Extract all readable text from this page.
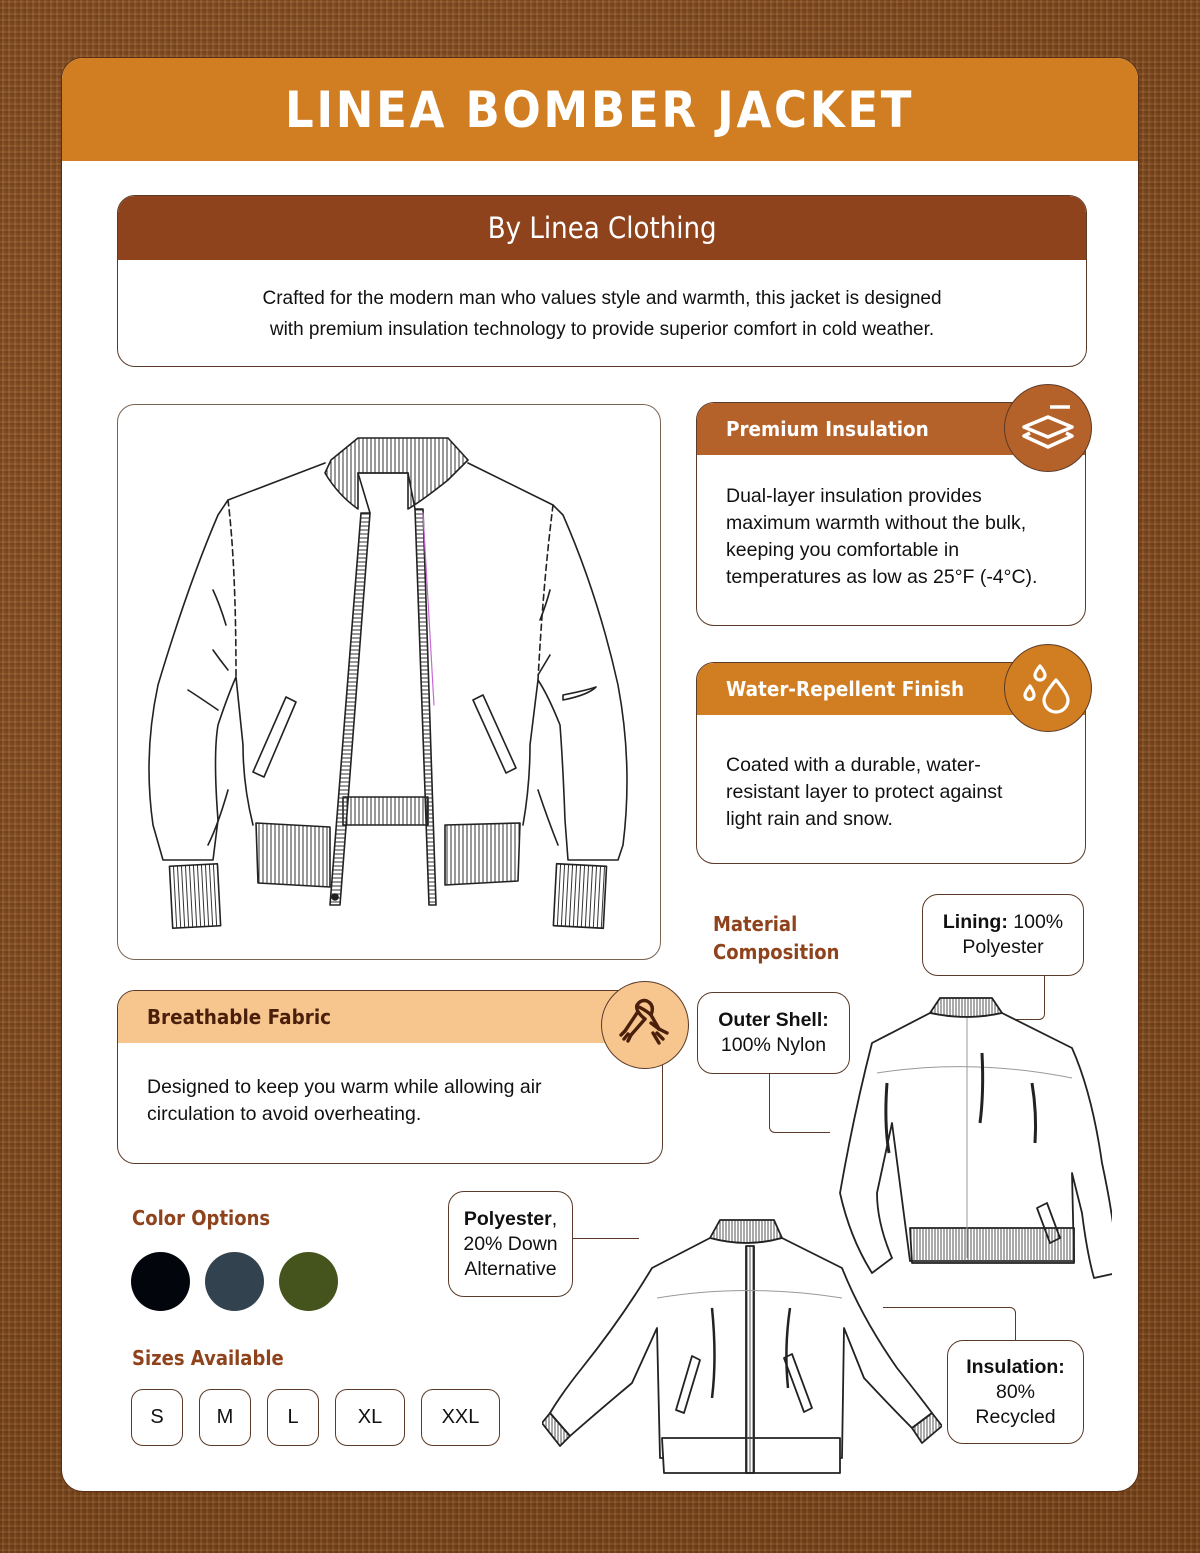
LINEA BOMBER JACKET
By Linea Clothing
Crafted for the modern man who values style and warmth, this jacket is designed
with premium insulation technology to provide superior comfort in cold weather.
Premium Insulation
Dual-layer insulation provides
maximum warmth without the bulk,
keeping you comfortable in
temperatures as low as 25°F (-4°C).
Water-Repellent Finish
Coated with a durable, water-
resistant layer to protect against
light rain and snow.
Breathable Fabric
Designed to keep you warm while allowing air
circulation to avoid overheating.
Material
Composition
Lining: 100%
Polyester
Outer Shell:
100% Nylon
Polyester,
20% Down
Alternative
Insulation:
80%
Recycled
Color Options
Sizes Available
S	M	L	XL	XXL
